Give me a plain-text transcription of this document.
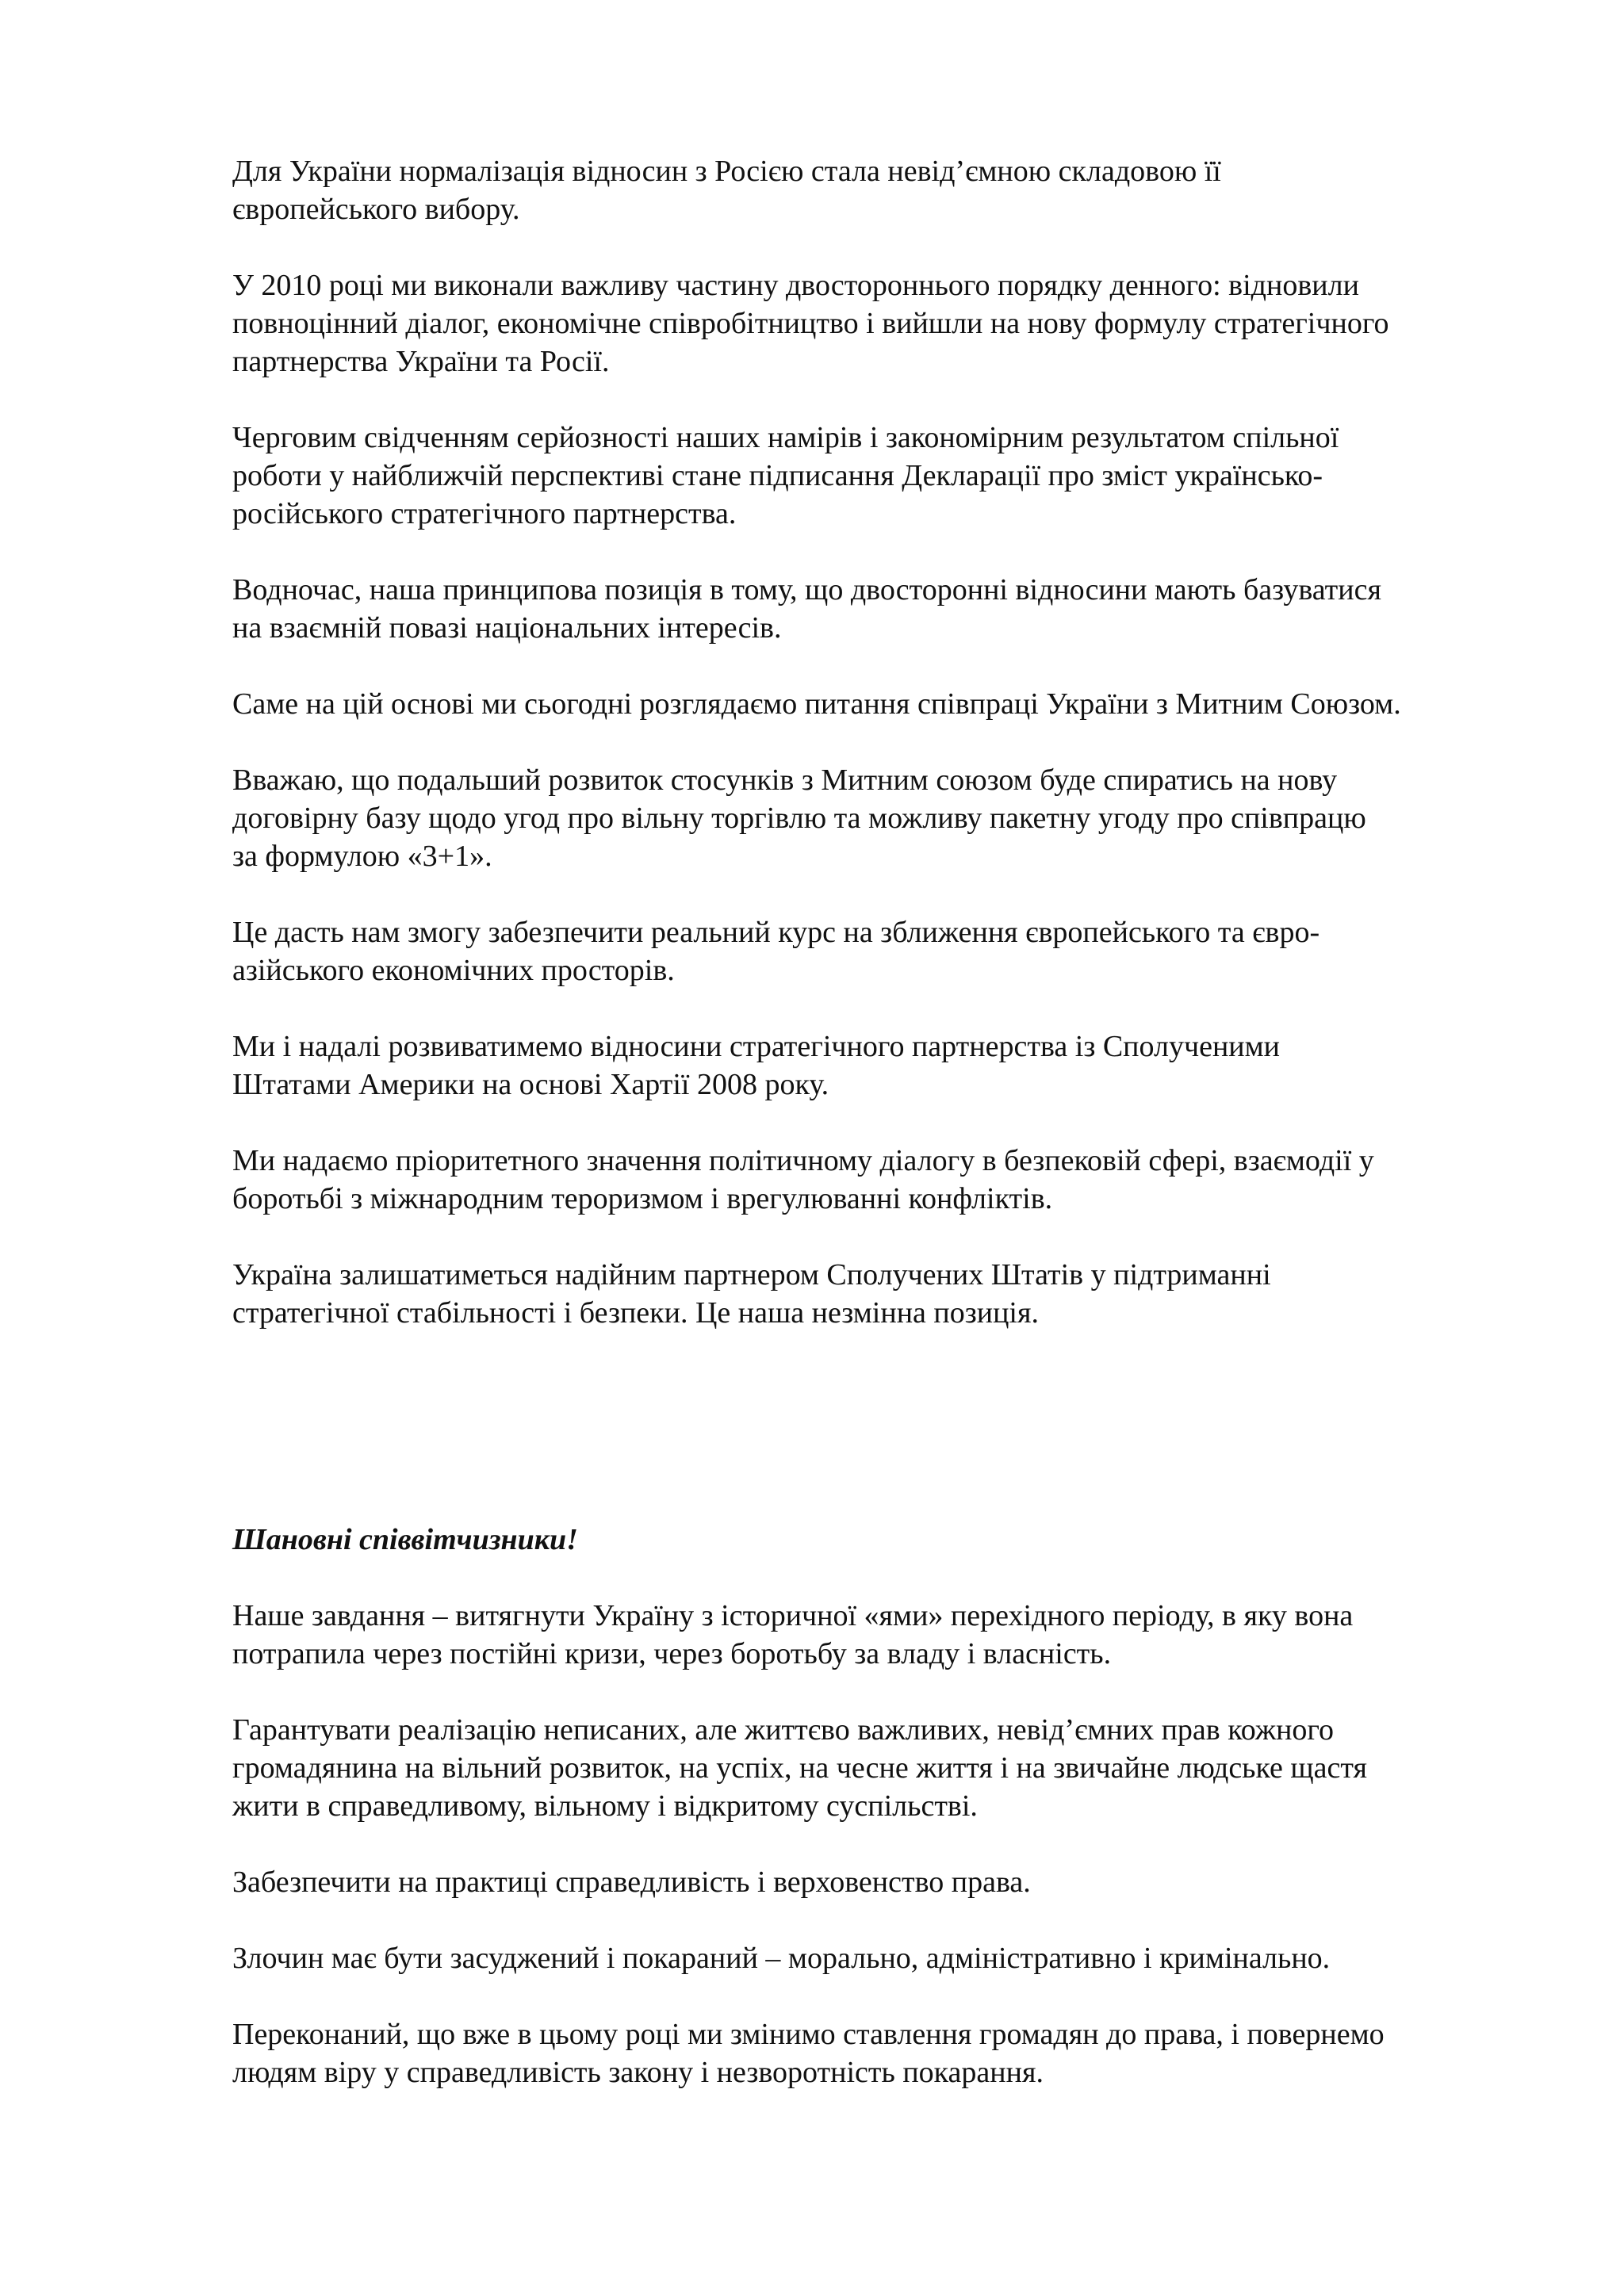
Для України нормалізація відносин з Росією стала невід’ємною складовою її
європейського вибору.

У 2010 році ми виконали важливу частину двостороннього порядку денного: відновили
повноцінний діалог, економічне співробітництво і вийшли на нову формулу стратегічного
партнерства України та Росії.

Черговим свідченням серйозності наших намірів і закономірним результатом спільної
роботи у найближчій перспективі стане підписання Декларації про зміст українсько-
російського стратегічного партнерства.

Водночас, наша принципова позиція в тому, що двосторонні відносини мають базуватися
на взаємній повазі національних інтересів.

Саме на цій основі ми сьогодні розглядаємо питання співпраці України з Митним Союзом.

Вважаю, що подальший розвиток стосунків з Митним союзом буде спиратись на нову
договірну базу щодо угод про вільну торгівлю та можливу пакетну угоду про співпрацю
за формулою «3+1».

Це дасть нам змогу забезпечити реальний курс на зближення європейського та євро-
азійського економічних просторів.

Ми і надалі розвиватимемо відносини стратегічного партнерства із Сполученими
Штатами Америки на основі Хартії 2008 року.

Ми надаємо пріоритетного значення політичному діалогу в безпековій сфері, взаємодії у
боротьбі з міжнародним тероризмом і врегулюванні конфліктів.

Україна залишатиметься надійним партнером Сполучених Штатів у підтриманні
стратегічної стабільності і безпеки. Це наша незмінна позиція.

Шановні співвітчизники!

Наше завдання – витягнути Україну з історичної «ями» перехідного періоду, в яку вона
потрапила через постійні кризи, через боротьбу за владу і власність.

Гарантувати реалізацію неписаних, але життєво важливих, невід’ємних прав кожного
громадянина на вільний розвиток, на успіх, на чесне життя і на звичайне людське щастя
жити в справедливому, вільному і відкритому суспільстві.

Забезпечити на практиці справедливість і верховенство права.

Злочин має бути засуджений і покараний – морально, адміністративно і кримінально.

Переконаний, що вже в цьому році ми змінимо ставлення громадян до права, і повернемо
людям віру у справедливість закону і незворотність покарання.
